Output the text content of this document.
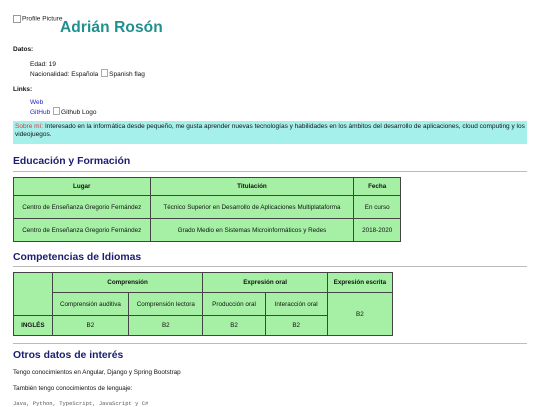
Profile Picture
Adrián Rosón
Datos:
Edad: 19
Nacionalidad: Española Spanish flag
Links:
Web
GitHub Github Logo
Sobre mí: Interesado en la informática desde pequeño, me gusta aprender nuevas tecnologías y habilidades en los ámbitos del desarrollo de aplicaciones, cloud computing y los videojuegos.
Educación y Formación
Lugar	Titulación	Fecha
Centro de Enseñanza Gregorio Fernández	Técnico Superior en Desarrollo de Aplicaciones Multiplataforma	En curso
Centro de Enseñanza Gregorio Fernández	Grado Medio en Sistemas Microinformáticos y Redes	2018-2020
Competencias de Idiomas
	Comprensión		Expresión oral		Expresión escrita
	Comprensión auditiva	Comprensión lectora	Producción oral	Interacción oral	B2
INGLÉS	B2	B2	B2	B2	
Otros datos de interés
Tengo conocimientos en Angular, Django y Spring Bootstrap
También tengo conocimientos de lenguaje:
Java, Python, TypeScript, JavaScript y C#
